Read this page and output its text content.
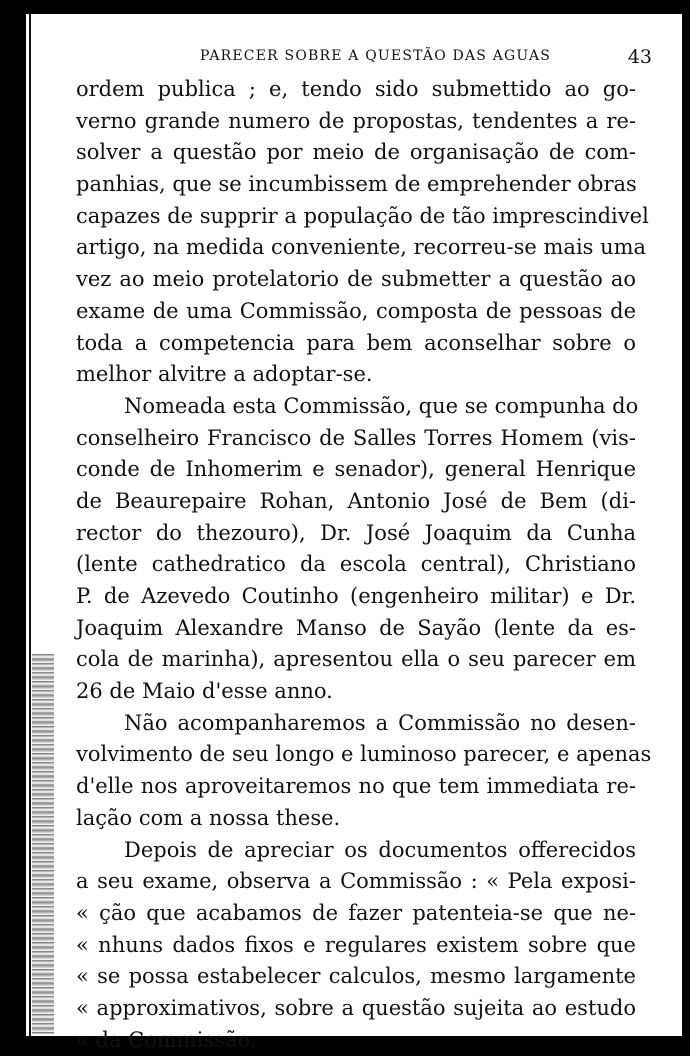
PARECER SOBRE A QUESTÃO DAS AGUAS	43
ordem publica ; e, tendo sido submettido ao go-
verno grande numero de propostas, tendentes a re-
solver a questão por meio de organisação de com-
panhias, que se incumbissem de emprehender obras
capazes de supprir a população de tão imprescindivel
artigo, na medida conveniente, recorreu-se mais uma
vez ao meio protelatorio de submetter a questão ao
exame de uma Commissão, composta de pessoas de
toda a competencia para bem aconselhar sobre o
melhor alvitre a adoptar-se.
Nomeada esta Commissão, que se compunha do
conselheiro Francisco de Salles Torres Homem (vis-
conde de Inhomerim e senador), general Henrique
de Beaurepaire Rohan, Antonio José de Bem (di-
rector do thezouro), Dr. José Joaquim da Cunha
(lente cathedratico da escola central), Christiano
P. de Azevedo Coutinho (engenheiro militar) e Dr.
Joaquim Alexandre Manso de Sayão (lente da es-
cola de marinha), apresentou ella o seu parecer em
26 de Maio d'esse anno.
Não acompanharemos a Commissão no desen-
volvimento de seu longo e luminoso parecer, e apenas
d'elle nos aproveitaremos no que tem immediata re-
lação com a nossa these.
Depois de apreciar os documentos offerecidos
a seu exame, observa a Commissão : « Pela exposi-
« ção que acabamos de fazer patenteia-se que ne-
« nhuns dados fixos e regulares existem sobre que
« se possa estabelecer calculos, mesmo largamente
« approximativos, sobre a questão sujeita ao estudo
« da Commissão.
